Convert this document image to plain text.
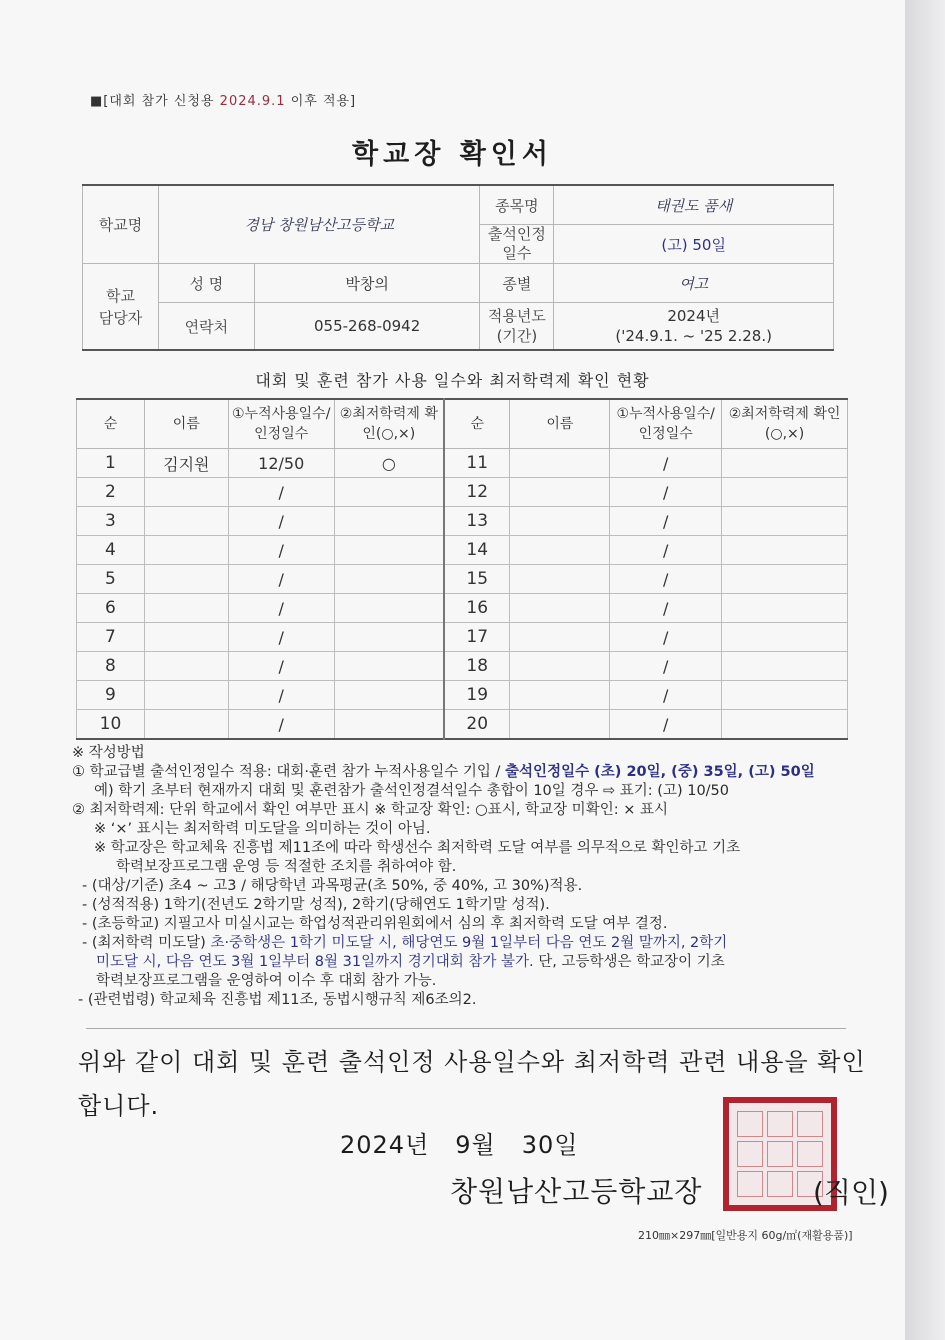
■[대회 참가 신청용 2024.9.1 이후 적용]
학교장 확인서
학교명	경남 창원남산고등학교		종목명	태권도 품새
			출석인정 일수	(고) 50일
학교 담당자	성 명	박창의	종별	여고
	연락처	055-268-0942	적용년도 (기간)	2024년
('24.9.1. ~ '25 2.28.)
대회 및 훈련 참가 사용 일수와 최저학력제 확인 현황
순	이름	①누적사용일수/인정일수	②최저학력제 확인(○,×)	순	이름	①누적사용일수/인정일수	②최저학력제 확인(○,×)
1	김지원	12/50	○	11		/	
2		/		12		/	
3		/		13		/	
4		/		14		/	
5		/		15		/	
6		/		16		/	
7		/		17		/	
8		/		18		/	
9		/		19		/	
10		/		20		/	
※ 작성방법
① 학교급별 출석인정일수 적용: 대회·훈련 참가 누적사용일수 기입 / 출석인정일수 (초) 20일, (중) 35일, (고) 50일
예) 학기 초부터 현재까지 대회 및 훈련참가 출석인정결석일수 총합이 10일 경우 ⇨ 표기: (고) 10/50
② 최저학력제: 단위 학교에서 확인 여부만 표시 ※ 학교장 확인: ○표시, 학교장 미확인: × 표시
※ ‘×’ 표시는 최저학력 미도달을 의미하는 것이 아님.
※ 학교장은 학교체육 진흥법 제11조에 따라 학생선수 최저학력 도달 여부를 의무적으로 확인하고 기초
학력보장프로그램 운영 등 적절한 조치를 취하여야 함.
- (대상/기준) 초4 ~ 고3 / 해당학년 과목평균(초 50%, 중 40%, 고 30%)적용.
- (성적적용) 1학기(전년도 2학기말 성적), 2학기(당해연도 1학기말 성적).
- (초등학교) 지필고사 미실시교는 학업성적관리위원회에서 심의 후 최저학력 도달 여부 결정.
- (최저학력 미도달) 초·중학생은 1학기 미도달 시, 해당연도 9월 1일부터 다음 연도 2월 말까지, 2학기
미도달 시, 다음 연도 3월 1일부터 8월 31일까지 경기대회 참가 불가. 단, 고등학생은 학교장이 기초
학력보장프로그램을 운영하여 이수 후 대회 참가 가능.
- (관련법령) 학교체육 진흥법 제11조, 동법시행규칙 제6조의2.
위와 같이 대회 및 훈련 출석인정 사용일수와 최저학력 관련 내용을 확인합니다.
2024년 9월 30일
창원남산고등학교장	(직인)
210㎜×297㎜[일반용지 60g/㎡(재활용품)]
